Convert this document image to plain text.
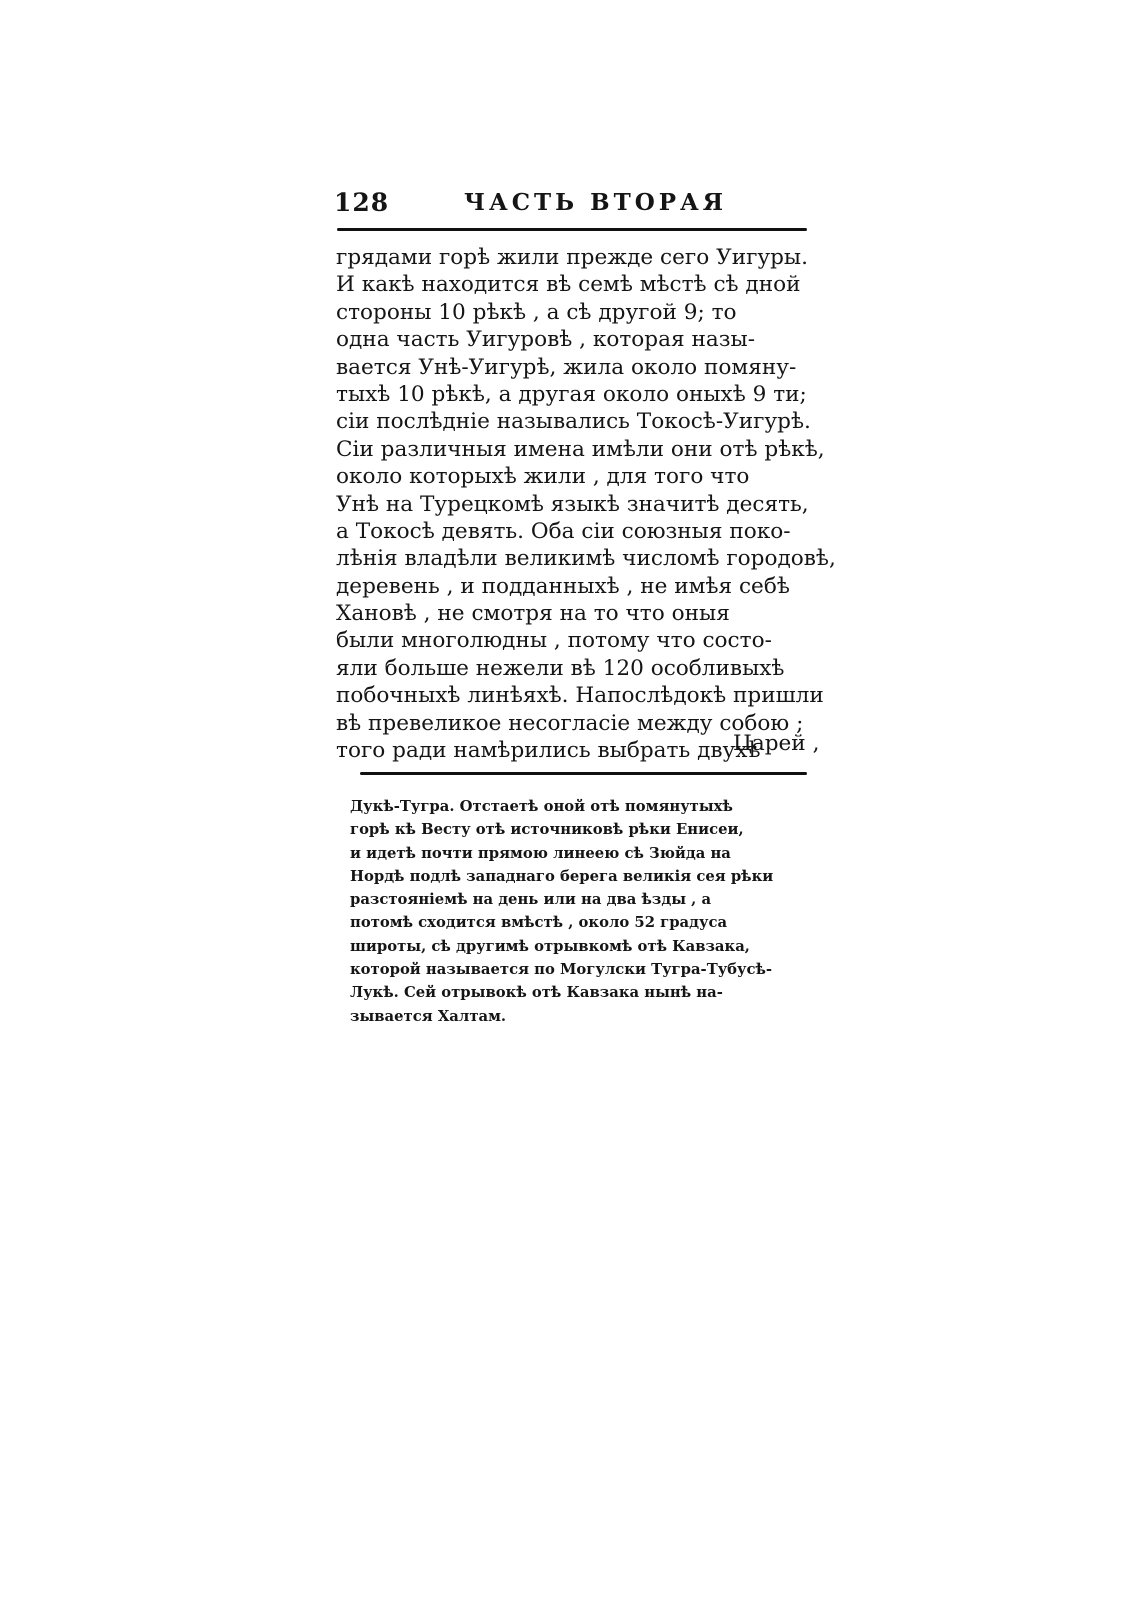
128	ЧАСТЬ ВТОРАЯ
грядами горѣ жили прежде сего Уигуры.
И какѣ находится вѣ семѣ мѣстѣ сѣ дной
стороны 10 рѣкѣ , а сѣ другой 9; то
одна часть Уигуровѣ , которая назы-
вается Унѣ-Уигурѣ, жила около помяну-
тыхѣ 10 рѣкѣ, а другая около оныхѣ 9 ти;
сіи послѣдніе назывались Токосѣ-Уигурѣ.
Сіи различныя имена имѣли они отѣ рѣкѣ,
около которыхѣ жили , для того что
Унѣ на Турецкомѣ языкѣ значитѣ десять,
а Токосѣ девять. Оба сіи союзныя поко-
лѣнія владѣли великимѣ числомѣ городовѣ,
деревень , и подданныхѣ , не имѣя себѣ
Хановѣ , не смотря на то что оныя
были многолюдны , потому что состо-
яли больше нежели вѣ 120 особливыхѣ
побочныхѣ линѣяхѣ. Напослѣдокѣ пришли
вѣ превеликое несогласіе между собою ;
того ради намѣрились выбрать двухѣ
Царей ,
Дукѣ-Тугра. Отстаетѣ оной отѣ помянутыхѣ
горѣ кѣ Весту отѣ источниковѣ рѣки Енисеи,
и идетѣ почти прямою линеею сѣ Зюйда на
Нордѣ подлѣ западнаго берега великія сея рѣки
разстояніемѣ на день или на два ѣзды , а
потомѣ сходится вмѣстѣ , около 52 градуса
широты, сѣ другимѣ отрывкомѣ отѣ Кавзака,
которой называется по Могулски Тугра-Тубусѣ-
Лукѣ. Сей отрывокѣ отѣ Кавзака нынѣ на-
зывается Халтам.
